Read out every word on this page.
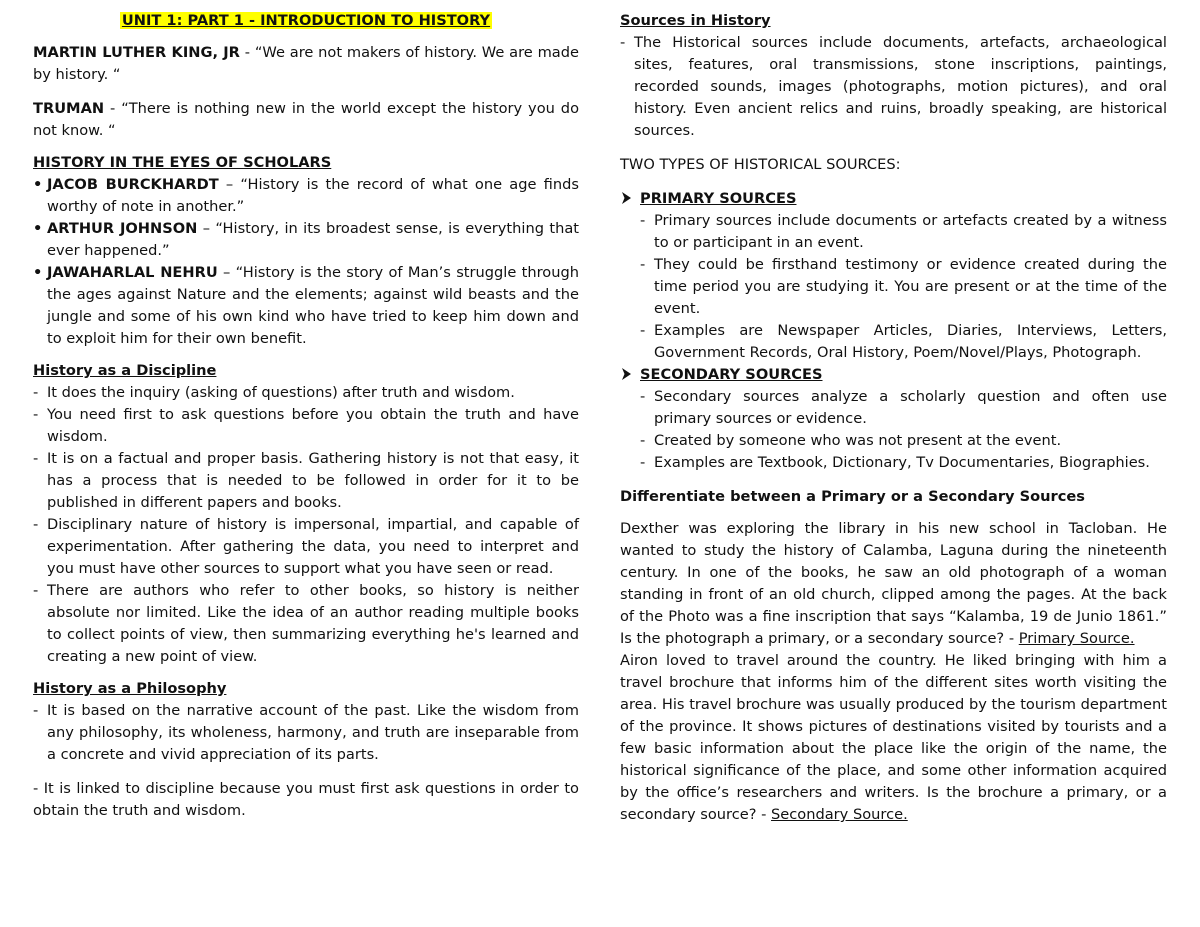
UNIT 1: PART 1 - INTRODUCTION TO HISTORY

MARTIN LUTHER KING, JR - “We are not makers of history. We are made by history. “

TRUMAN - “There is nothing new in the world except the history you do not know. “

HISTORY IN THE EYES OF SCHOLARS

• JACOB BURCKHARDT – “History is the record of what one age finds worthy of note in another.”
• ARTHUR JOHNSON – “History, in its broadest sense, is everything that ever happened.”
• JAWAHARLAL NEHRU – “History is the story of Man’s struggle through the ages against Nature and the elements; against wild beasts and the jungle and some of his own kind who have tried to keep him down and to exploit him for their own benefit.

History as a Discipline

- It does the inquiry (asking of questions) after truth and wisdom.
- You need first to ask questions before you obtain the truth and have wisdom.
- It is on a factual and proper basis. Gathering history is not that easy, it has a process that is needed to be followed in order for it to be published in different papers and books.
- Disciplinary nature of history is impersonal, impartial, and capable of experimentation. After gathering the data, you need to interpret and you must have other sources to support what you have seen or read.
- There are authors who refer to other books, so history is neither absolute nor limited. Like the idea of an author reading multiple books to collect points of view, then summarizing everything he's learned and creating a new point of view.

History as a Philosophy

- It is based on the narrative account of the past. Like the wisdom from any philosophy, its wholeness, harmony, and truth are inseparable from a concrete and vivid appreciation of its parts.

- It is linked to discipline because you must first ask questions in order to obtain the truth and wisdom.

Sources in History

- The Historical sources include documents, artefacts, archaeological sites, features, oral transmissions, stone inscriptions, paintings, recorded sounds, images (photographs, motion pictures), and oral history. Even ancient relics and ruins, broadly speaking, are historical sources.

TWO TYPES OF HISTORICAL SOURCES:

PRIMARY SOURCES

- Primary sources include documents or artefacts created by a witness to or participant in an event.
- They could be firsthand testimony or evidence created during the time period you are studying it. You are present or at the time of the event.
- Examples are Newspaper Articles, Diaries, Interviews, Letters, Government Records, Oral History, Poem/Novel/Plays, Photograph.

SECONDARY SOURCES

- Secondary sources analyze a scholarly question and often use primary sources or evidence.
- Created by someone who was not present at the event.
- Examples are Textbook, Dictionary, Tv Documentaries, Biographies.

Differentiate between a Primary or a Secondary Sources

Dexther was exploring the library in his new school in Tacloban. He wanted to study the history of Calamba, Laguna during the nineteenth century. In one of the books, he saw an old photograph of a woman standing in front of an old church, clipped among the pages. At the back of the Photo was a fine inscription that says “Kalamba, 19 de Junio 1861.” Is the photograph a primary, or a secondary source? - Primary Source.

Airon loved to travel around the country. He liked bringing with him a travel brochure that informs him of the different sites worth visiting the area. His travel brochure was usually produced by the tourism department of the province. It shows pictures of destinations visited by tourists and a few basic information about the place like the origin of the name, the historical significance of the place, and some other information acquired by the office’s researchers and writers. Is the brochure a primary, or a secondary source? - Secondary Source.
